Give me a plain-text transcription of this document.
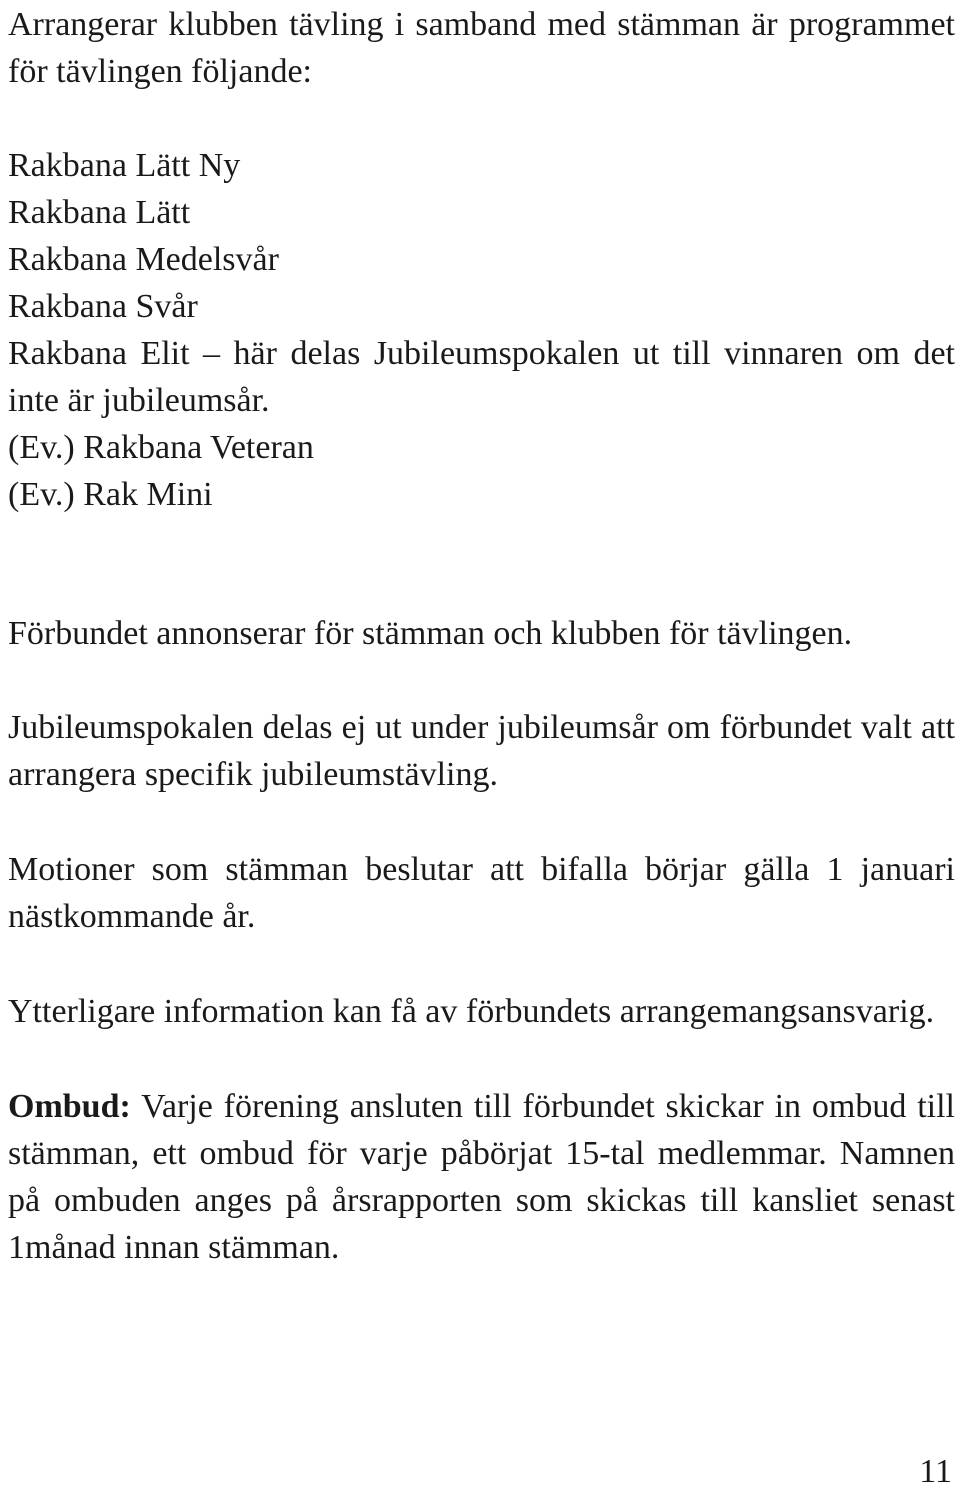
Arrangerar klubben tävling i samband med stämman är programmet för tävlingen följande:

Rakbana Lätt Ny
Rakbana Lätt
Rakbana Medelsvår
Rakbana Svår

Rakbana Elit – här delas Jubileumspokalen ut till vinnaren om det inte är jubileumsår.

(Ev.) Rakbana Veteran
(Ev.) Rak Mini

Förbundet annonserar för stämman och klubben för tävlingen.

Jubileumspokalen delas ej ut under jubileumsår om förbundet valt att arrangera specifik jubileumstävling.

Motioner som stämman beslutar att bifalla börjar gälla 1 januari nästkommande år.

Ytterligare information kan få av förbundets arrangemangsansvarig.

Ombud: Varje förening ansluten till förbundet skickar in ombud till stämman, ett ombud för varje påbörjat 15-tal medlemmar. Namnen på ombuden anges på årsrapporten som skickas till kansliet senast 1månad innan stämman.

11
